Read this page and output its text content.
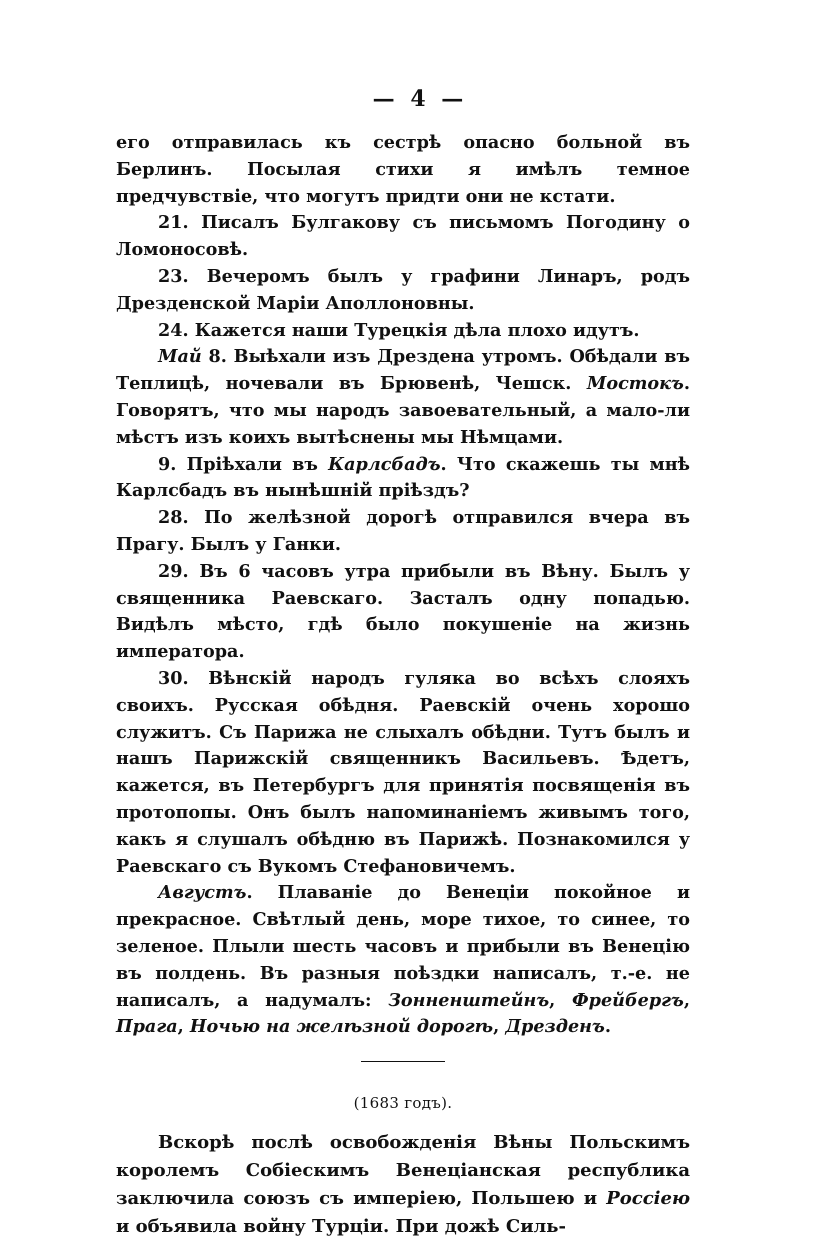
— 4 —

его отправилась къ сестрѣ опасно больной въ Берлинъ. Посылая стихи я имѣлъ темное предчувствіе, что могутъ придти они не кстати.

21. Писалъ Булгакову съ письмомъ Погодину о Ломоносовѣ.

23. Вечеромъ былъ у графини Линаръ, родъ Дрезденской Маріи Аполлоновны.

24. Кажется наши Турецкія дѣла плохо идутъ.

Май 8. Выѣхали изъ Дрездена утромъ. Обѣдали въ Теплицѣ, ночевали въ Брювенѣ, Чешск. Мостокъ. Говорятъ, что мы народъ завоевательный, а мало-ли мѣстъ изъ коихъ вытѣснены мы Нѣмцами.

9. Пріѣхали въ Карлсбадъ. Что скажешь ты мнѣ Карлсбадъ въ нынѣшній пріѣздъ?

28. По желѣзной дорогѣ отправился вчера въ Прагу. Былъ у Ганки.

29. Въ 6 часовъ утра прибыли въ Вѣну. Былъ у священника Раевскаго. Засталъ одну попадью. Видѣлъ мѣсто, гдѣ было покушеніе на жизнь императора.

30. Вѣнскій народъ гуляка во всѣхъ слояхъ своихъ. Русская обѣдня. Раевскій очень хорошо служитъ. Съ Парижа не слыхалъ обѣдни. Тутъ былъ и нашъ Парижскій священникъ Васильевъ. Ѣдетъ, кажется, въ Петербургъ для принятія посвященія въ протопопы. Онъ былъ напоминаніемъ живымъ того, какъ я слушалъ обѣдню въ Парижѣ. Познакомился у Раевскаго съ Вукомъ Стефановичемъ.

Августъ. Плаваніе до Венеціи покойное и прекрасное. Свѣтлый день, море тихое, то синее, то зеленое. Плыли шесть часовъ и прибыли въ Венецію въ полдень. Въ разныя поѣздки написалъ, т.-е. не написалъ, а надумалъ: Зонненштейнъ, Фрейбергъ, Прага, Ночью на желѣзной дорогѣ, Дрезденъ.

(1683 годъ).

Вскорѣ послѣ освобожденія Вѣны Польскимъ королемъ Собіескимъ Венеціанская республика заключила союзъ съ имперіею, Польшею и Россіею и объявила войну Турціи. При дожѣ Силь-
